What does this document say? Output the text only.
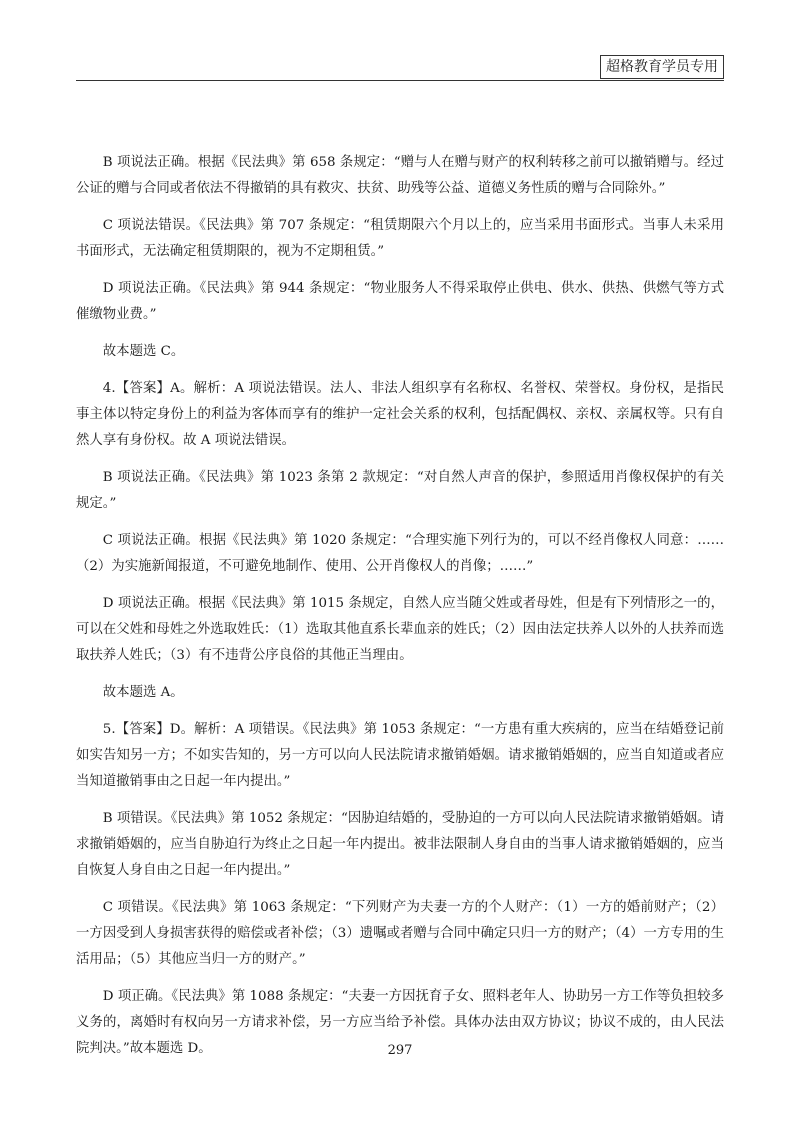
超格教育学员专用

B 项说法正确。根据《民法典》第 658 条规定：“赠与人在赠与财产的权利转移之前可以撤销赠与。经过公证的赠与合同或者依法不得撤销的具有救灾、扶贫、助残等公益、道德义务性质的赠与合同除外。”

C 项说法错误。《民法典》第 707 条规定：“租赁期限六个月以上的，应当采用书面形式。当事人未采用书面形式，无法确定租赁期限的，视为不定期租赁。”

D 项说法正确。《民法典》第 944 条规定：“物业服务人不得采取停止供电、供水、供热、供燃气等方式催缴物业费。”

故本题选 C。

4.【答案】A。解析：A 项说法错误。法人、非法人组织享有名称权、名誉权、荣誉权。身份权，是指民事主体以特定身份上的利益为客体而享有的维护一定社会关系的权利，包括配偶权、亲权、亲属权等。只有自然人享有身份权。故 A 项说法错误。

B 项说法正确。《民法典》第 1023 条第 2 款规定：“对自然人声音的保护，参照适用肖像权保护的有关规定。”

C 项说法正确。根据《民法典》第 1020 条规定：“合理实施下列行为的，可以不经肖像权人同意：……（2）为实施新闻报道，不可避免地制作、使用、公开肖像权人的肖像；……”

D 项说法正确。根据《民法典》第 1015 条规定，自然人应当随父姓或者母姓，但是有下列情形之一的，可以在父姓和母姓之外选取姓氏：（1）选取其他直系长辈血亲的姓氏；（2）因由法定扶养人以外的人扶养而选取扶养人姓氏；（3）有不违背公序良俗的其他正当理由。

故本题选 A。

5.【答案】D。解析：A 项错误。《民法典》第 1053 条规定：“一方患有重大疾病的，应当在结婚登记前如实告知另一方；不如实告知的，另一方可以向人民法院请求撤销婚姻。请求撤销婚姻的，应当自知道或者应当知道撤销事由之日起一年内提出。”

B 项错误。《民法典》第 1052 条规定：“因胁迫结婚的，受胁迫的一方可以向人民法院请求撤销婚姻。请求撤销婚姻的，应当自胁迫行为终止之日起一年内提出。被非法限制人身自由的当事人请求撤销婚姻的，应当自恢复人身自由之日起一年内提出。”

C 项错误。《民法典》第 1063 条规定：“下列财产为夫妻一方的个人财产：（1）一方的婚前财产；（2）一方因受到人身损害获得的赔偿或者补偿；（3）遗嘱或者赠与合同中确定只归一方的财产；（4）一方专用的生活用品；（5）其他应当归一方的财产。”

D 项正确。《民法典》第 1088 条规定：“夫妻一方因抚育子女、照料老年人、协助另一方工作等负担较多义务的，离婚时有权向另一方请求补偿，另一方应当给予补偿。具体办法由双方协议；协议不成的，由人民法院判决。”故本题选 D。	297
